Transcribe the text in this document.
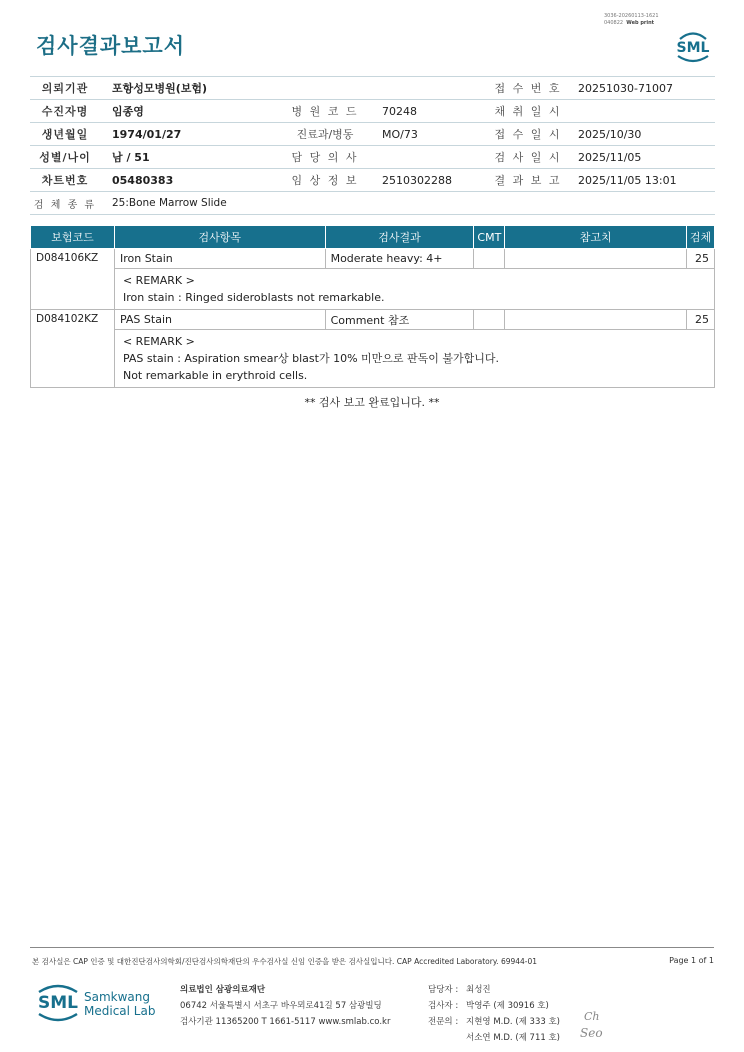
검사결과보고서
3036-20260113-1621
040822 Web print
SML
의뢰기관	포항성모병원(보험)			접 수 번 호	20251030-71007
수진자명	임종영	병 원 코 드	70248	채 취 일 시	
생년월일	1974/01/27	진료과/병동	MO/73	접 수 일 시	2025/10/30
성별/나이	남 / 51	담 당 의 사		검 사 일 시	2025/11/05
차트번호	05480383	임 상 정 보	2510302288	결 과 보 고	2025/11/05 13:01
검 체 종 류	25:Bone Marrow Slide				
보험코드	검사항목	검사결과	CMT	참고치	검체
D084106KZ	Iron Stain	Moderate heavy: 4+			25

	< REMARK >
Iron stain : Ringed sideroblasts not remarkable.				

D084102KZ	PAS Stain	Comment 참조			25

	< REMARK >
PAS stain : Aspiration smear상 blast가 10% 미만으로 판독이 불가합니다.
Not remarkable in erythroid cells.				
** 검사 보고 완료입니다. **
본 검사실은 CAP 인증 및 대한진단검사의학회/진단검사의학재단의 우수검사실 신임 인증을 받은 검사실입니다. CAP Accredited Laboratory. 69944-01	Page 1 of 1
SML Samkwang
Medical Lab
의료법인 삼광의료재단
06742 서울특별시 서초구 바우뫼로41길 57 삼광빌딩
검사기관 11365200 T 1661-5117 www.smlab.co.kr
담당자 : 최성진
검사자 : 박영주 (제 30916 호)
전문의 : 지현영 M.D. (제 333 호)
서소연 M.D. (제 711 호)
Ch
Seo
